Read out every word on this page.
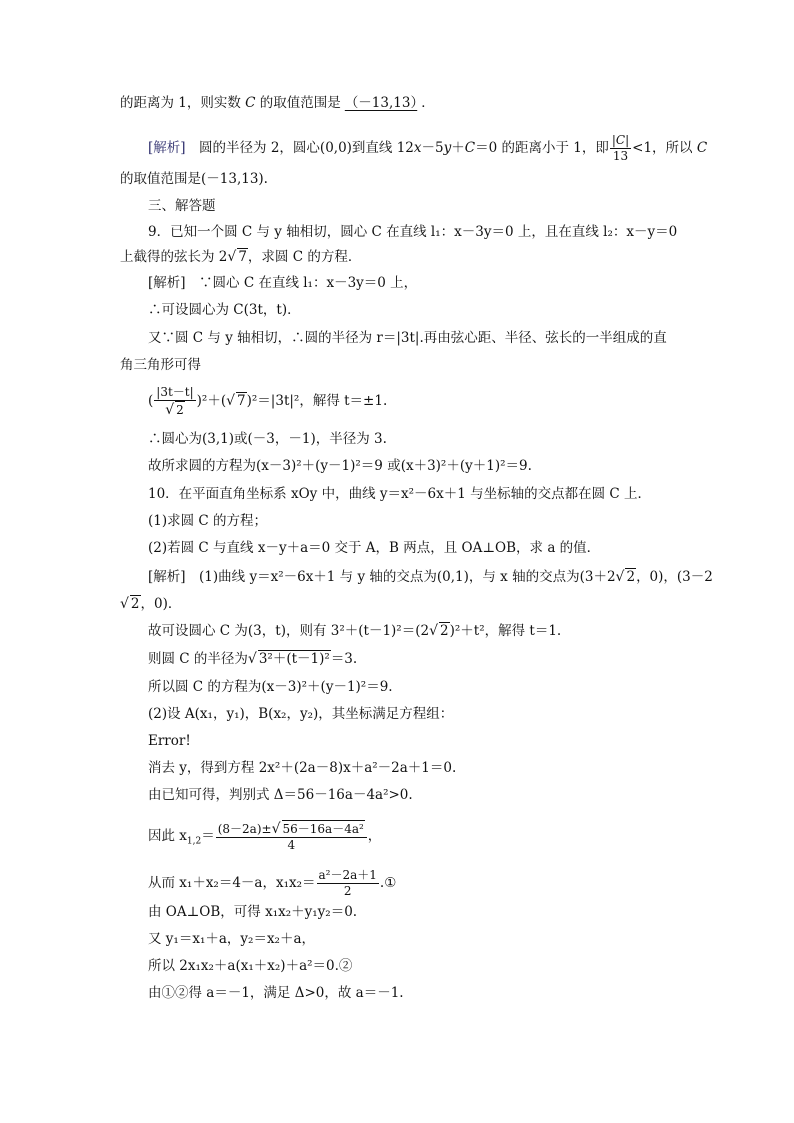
的距离为 1，则实数 C 的取值范围是 （－13,13） ．
[解析]　 圆的半径为 2，圆心(0,0)到直线 12x－5y＋C＝0 的距离小于 1，即 $\frac{|C|}{13} <1$，所以 C
的取值范围是(－13,13).
三、解答题
9．已知一个圆 C 与 y 轴相切，圆心 C 在直线 l₁：x－3y＝0 上，且在直线 l₂：x－y＝0
上截得的弦长为 2√ 7，求圆 C 的方程．
[解析]　∵圆心 C 在直线 l₁：x－3y＝0 上，
∴可设圆心为 C(3t，t)．
又∵圆 C 与 y 轴相切，∴圆的半径为 r＝|3t|.再由弦心距、半径、弦长的一半组成的直
角三角形可得
( $\frac{|3t-t|}{√ 2} )^2+(√$ 7)²＝|3t|²，解得 t＝±1.
∴圆心为(3,1)或(－3，－1)，半径为 3.
故所求圆的方程为(x－3)²＋(y－1)²＝9 或(x＋3)²＋(y＋1)²＝9.
10．在平面直角坐标系 xOy 中，曲线 y＝x²－6x＋1 与坐标轴的交点都在圆 C 上．
(1)求圆 C 的方程；
(2)若圆 C 与直线 x－y＋a＝0 交于 A，B 两点，且 OA⊥OB，求 a 的值．
[解析]　(1)曲线 y＝x²－6x＋1 与 y 轴的交点为(0,1)，与 x 轴的交点为(3＋2√ 2，0)，(3－2
√ 2，0)．
故可设圆心 C 为(3，t)，则有 3²＋(t－1)²＝(2√ 2)²＋t²，解得 t＝1.
则圆 C 的半径为√ 3²＋(t－1)²＝3.
所以圆 C 的方程为(x－3)²＋(y－1)²＝9.
(2)设 A(x₁，y₁)，B(x₂，y₂)，其坐标满足方程组：
Error!
消去 y，得到方程 2x²＋(2a－8)x＋a²－2a＋1＝0.
由已知可得，判别式 Δ＝56－16a－4a²>0.
因此 $x_{1,2}= \frac{\text{(8－2a)±√ 56－16a－4a²}}{4}$ ，
从而 x₁＋x₂＝4－a，$x_1x_2= \frac{\text{a²－2a＋1}}{2}$ .①
由 OA⊥OB，可得 x₁x₂＋y₁y₂＝0.
又 y₁＝x₁＋a，y₂＝x₂＋a，
所以 2x₁x₂＋a(x₁＋x₂)＋a²＝0.②
由①②得 a＝－1，满足 Δ>0，故 a＝－1.
